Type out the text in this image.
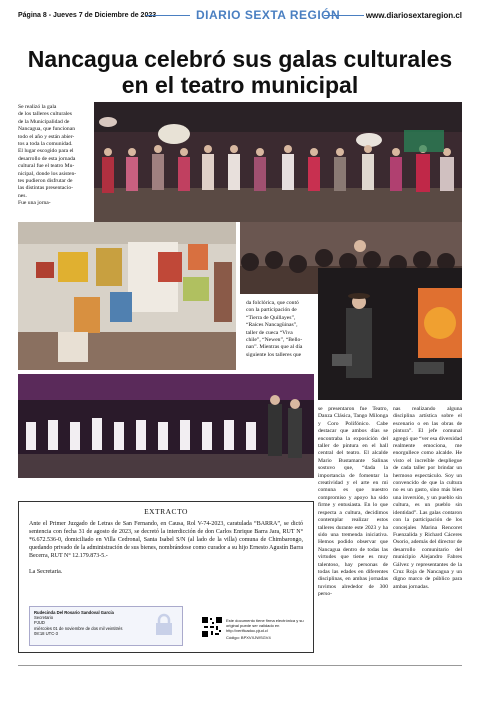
Página 8 - Jueves 7 de Diciembre de 2023	DIARIO SEXTA REGIÓN	www.diariosextaregion.cl
Nancagua celebró sus galas culturales
en el teatro municipal
Se realizó la gala
de los talleres culturales
de la Municipalidad de
Nancagua, que funcionan
todo el año y están abier-
tos a toda la comunidad.
El lugar escogido para el
desarrollo de esta jornada
cultural fue el teatro Mu-
nicipal, donde los asisten-
tes pudieron disfrutar de
las distintas presentacio-
nes.
Fue una jorna-
da folclórica, que contó
con la participación de
“Tierra de Quillayes”,
“Raíces Nancagüinas”,
taller de cueca “Viva
chile”, “Newen”, “Bello-
nan”. Mientras que al día
siguiente los talleres que
se presentaron fue Teatro, Danza Clásica, Tango Milonga y Coro Polifónico. Cabe destacar que ambos días se encontraba la exposición del taller de pintura en el hall central del teatro. El alcalde Mario Bustamante Salinas sostuvo que, “dada la importancia de fomentar la creatividad y el arte en mi comuna es que nuestro compromiso y apoyo ha sido firme y entusiasta. En lo que respecta a cultura, decidimos contemplar realizar estos talleres durante este 2023 y ha sido una tremenda iniciativa. Hemos podido observar que Nancagua dentro de todas las virtudes que tiene es muy talentoso, hay personas de todas las edades en diferentes disciplinas, en ambas jornadas tuvimos alrededor de 300 perso-
nas realizando alguna disciplina artística sobre el escenario o en las obras de pintura”. El jefe comunal agregó que “ver esa diversidad realmente emociona, me enorgullece como alcalde. He visto el increíble despliegue de cada taller por brindar un hermoso espectáculo. Soy un convencido de que la cultura no es un gasto, sino más bien una inversión, y un pueblo sin cultura, es un pueblo sin identidad”. Las galas contaron con la participación de los concejales Marina Rencoret Fuenzalida y Richard Cáceres Osorio, además del director de desarrollo comunitario del municipio Alejandro Fabres Gálvez y representantes de la Cruz Roja de Nancagua y un digno marco de público para ambas jornadas.
EXTRACTO
Ante el Primer Juzgado de Letras de San Fernando, en Causa, Rol V-74-2023, caratulada “BARRA”, se dictó sentencia con fecha 31 de agosto de 2023, se decretó la interdicción de don Carlos Enrique Barra Jara, RUT N° *6.672.536-0, domiciliado en Villa Cedronal, Santa Isabel S/N (al lado de la villa) comuna de Chimbarongo, quedando privado de la administración de sus bienes, nombrándose como curador a su hijo Ernesto Agustín Barra Becerra, RUT N° 12.179.873-5.-
La Secretaria.
Rudecinda Del Rosario Sandoval García
Secretario
PJUD
miércoles 01 de noviembre de dos mil veintitrés
08:18 UTC-3
Este documento tiene firma electrónica y su original puede ser validado en http://verificadoc.pjud.cl
Código: BPXVXJWSGV4
